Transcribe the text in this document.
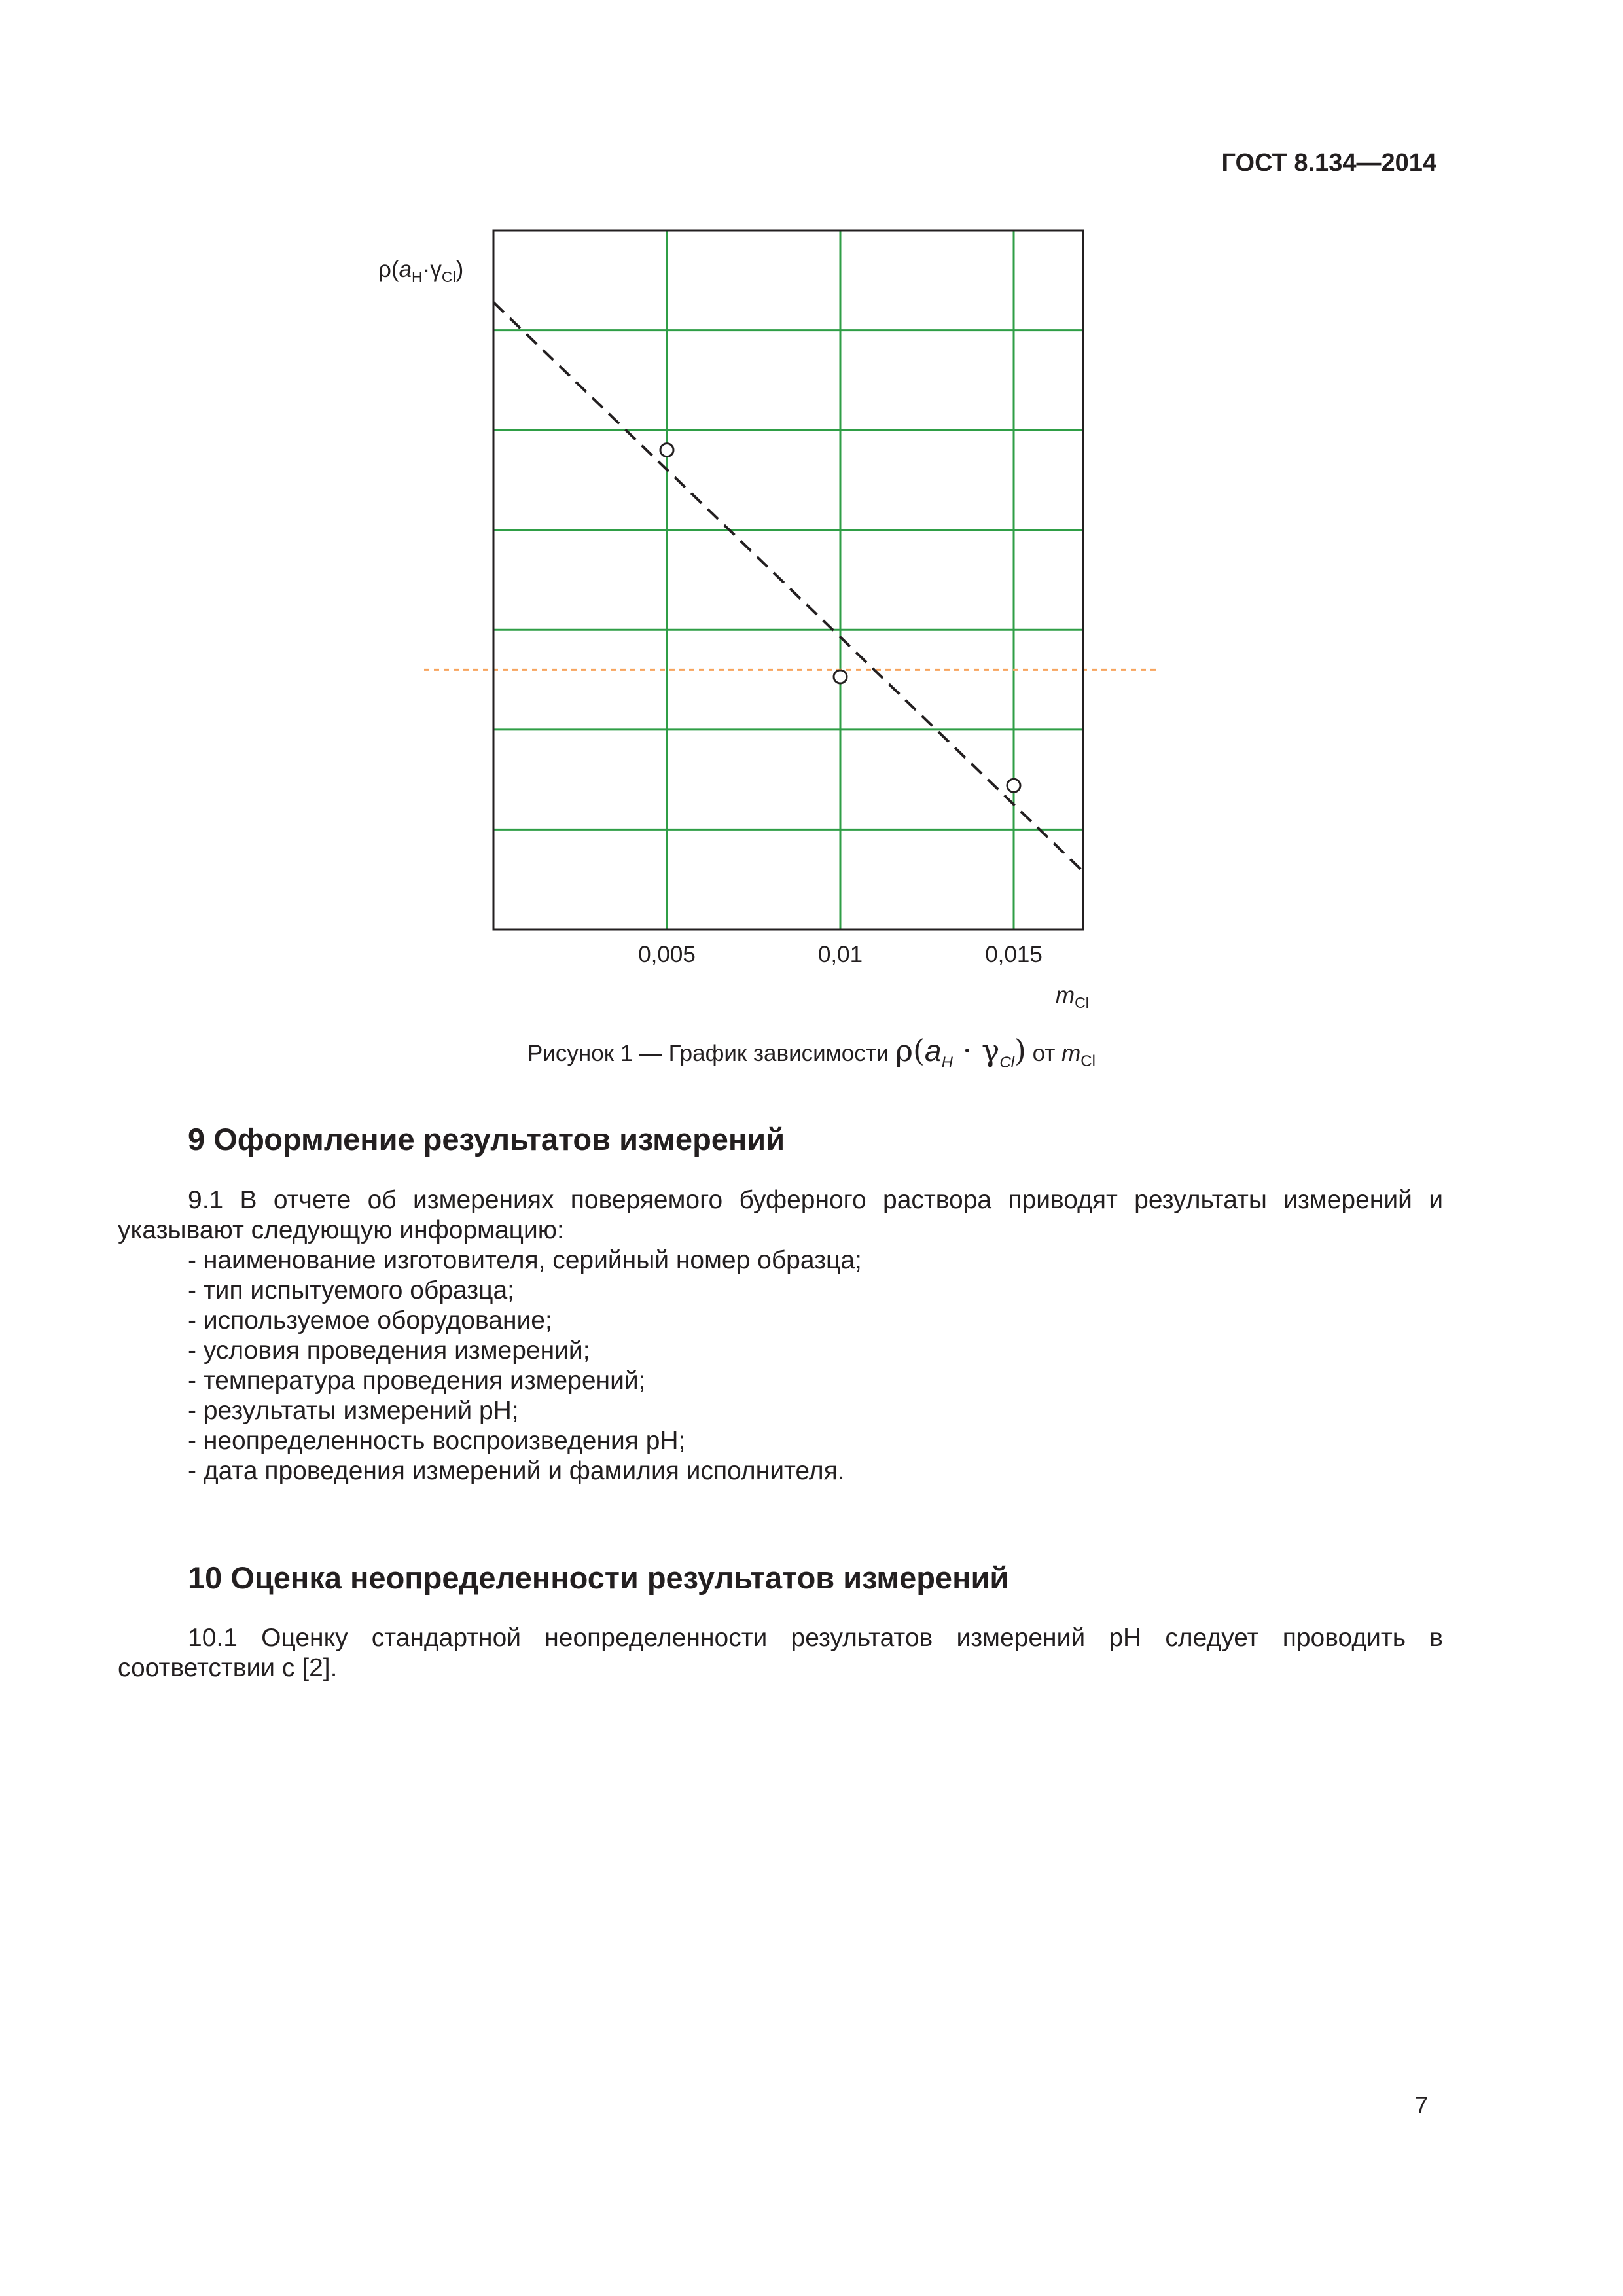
ГОСТ 8.134—2014
0,005	0,01	0,015
$\rho(a_H\cdot\gamma_{Cl})$
$m_{Cl}$
Рисунок 1 — График зависимости $\rho(a_H \cdot \gamma_{Cl})$ от $m_{Cl}$
9 Оформление результатов измерений
9.1 В отчете об измерениях поверяемого буферного раствора приводят результаты измерений и указывают следующую информацию:
- наименование изготовителя, серийный номер образца;
- тип испытуемого образца;
- используемое оборудование;
- условия проведения измерений;
- температура проведения измерений;
- результаты измерений pH;
- неопределенность воспроизведения pH;
- дата проведения измерений и фамилия исполнителя.
10 Оценка неопределенности результатов измерений
10.1 Оценку стандартной неопределенности результатов измерений pH следует проводить в соответствии с [2].
7
